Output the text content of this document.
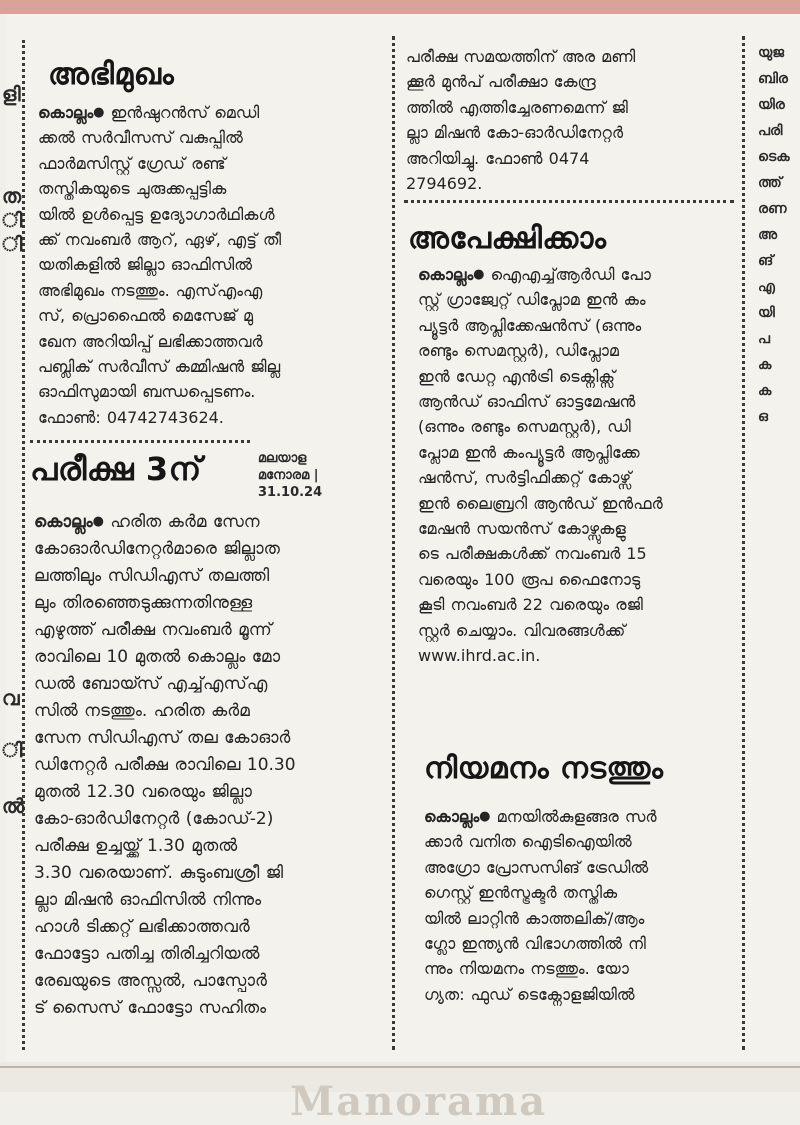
ളി
ത
ി
ി
വ
ി
ൽ
യുജ
ബിര
യിര
പരി
ടെക
ത്ത്
രണ
അ
ങ്
എ
യി
പ
ക
ക
ഒ
അഭിമുഖം

കൊല്ലം● ഇൻഷുറൻസ് മെഡി

ക്കൽ സർവീസസ് വകുപ്പിൽ

ഫാർമസിസ്റ്റ് ഗ്രേഡ് രണ്ട്

തസ്തികയുടെ ചുരുക്കപ്പട്ടിക

യിൽ ഉൾപ്പെട്ട ഉദ്യോഗാർഥികൾ

ക്ക് നവംബർ ആറ്, ഏഴ്, എട്ട് തീ

യതികളിൽ ജില്ലാ ഓഫിസിൽ

അഭിമുഖം നടത്തും. എസ്എംഎ

സ്, പ്രൊഫൈൽ മെസേജ് മു

ഖേന അറിയിപ്പ് ലഭിക്കാത്തവർ

പബ്ലിക് സർവീസ് കമ്മിഷൻ ജില്ല

ഓഫിസുമായി ബന്ധപ്പെടണം.

ഫോൺ: 04742743624.

മലയാള
മനോരമ |
31.10.24
പരീക്ഷ 3ന്

കൊല്ലം● ഹരിത കർമ സേന

കോഓർഡിനേറ്റർമാരെ ജില്ലാത

ലത്തിലും സിഡിഎസ് തലത്തി

ലും തിരഞ്ഞെടുക്കുന്നതിനുള്ള

എഴുത്ത് പരീക്ഷ നവംബർ മൂന്ന്

രാവിലെ 10 മുതൽ കൊല്ലം മോ

ഡൽ ബോയ്സ് എച്ച്എസ്എ

സിൽ നടത്തും. ഹരിത കർമ

സേന സിഡിഎസ് തല കോഓർ

ഡിനേറ്റർ പരീക്ഷ രാവിലെ 10.30

മുതൽ 12.30 വരെയും ജില്ലാ

കോ-ഓർഡിനേറ്റർ (കോഡ്-2)

പരീക്ഷ ഉച്ചയ്ക്ക് 1.30 മുതൽ

3.30 വരെയാണ്. കുടുംബശ്രീ ജി

ല്ലാ മിഷൻ ഓഫിസിൽ നിന്നും

ഹാൾ ടിക്കറ്റ് ലഭിക്കാത്തവർ

ഫോട്ടോ പതിച്ച തിരിച്ചറിയൽ

രേഖയുടെ അസ്സൽ, പാസ്പോർ

ട് സൈസ് ഫോട്ടോ സഹിതം

പരീക്ഷ സമയത്തിന് അര മണി

ക്കൂർ മുൻപ് പരീക്ഷാ കേന്ദ്ര

ത്തിൽ എത്തിച്ചേരണമെന്ന് ജി

ല്ലാ മിഷൻ കോ-ഓർഡിനേറ്റർ

അറിയിച്ചു. ഫോൺ 0474

2794692.

അപേക്ഷിക്കാം

കൊല്ലം● ഐഎച്ച്ആർഡി പോ

സ്റ്റ് ഗ്രാജ്വേറ്റ് ഡിപ്ലോമ ഇൻ കം

പ്യൂട്ടർ ആപ്ലിക്കേഷൻസ് (ഒന്നും

രണ്ടും സെമസ്റ്റർ), ഡിപ്ലോമ

ഇൻ ഡേറ്റ എൻട്രി ടെക്നിക്സ്

ആൻഡ് ഓഫിസ് ഓട്ടമേഷൻ

(ഒന്നും രണ്ടും സെമസ്റ്റർ), ഡി

പ്ലോമ ഇൻ കംപ്യൂട്ടർ ആപ്ലിക്കേ

ഷൻസ്, സർട്ടിഫിക്കറ്റ് കോഴ്സ്

ഇൻ ലൈബ്രറി ആൻഡ് ഇൻഫർ

മേഷൻ സയൻസ് കോഴ്സുകളു

ടെ പരീക്ഷകൾക്ക് നവംബർ 15

വരെയും 100 രൂപ ഫൈനോടു

കൂടി നവംബർ 22 വരെയും രജി

സ്റ്റർ ചെയ്യാം. വിവരങ്ങൾക്ക്

www.ihrd.ac.in.

നിയമനം നടത്തും

കൊല്ലം● മനയിൽകുളങ്ങര സർ

ക്കാർ വനിത ഐടിഐയിൽ

അഗ്രോ പ്രോസസിങ് ട്രേഡിൽ

ഗെസ്റ്റ് ഇൻസ്ട്രക്ടർ തസ്തിക

യിൽ ലാറ്റിൻ കാത്തലിക്/ആം

ഗ്ലോ ഇന്ത്യൻ വിഭാഗത്തിൽ നി

ന്നും നിയമനം നടത്തും. യോ

ഗ്യത: ഫുഡ് ടെക്നോളജിയിൽ

Manorama
